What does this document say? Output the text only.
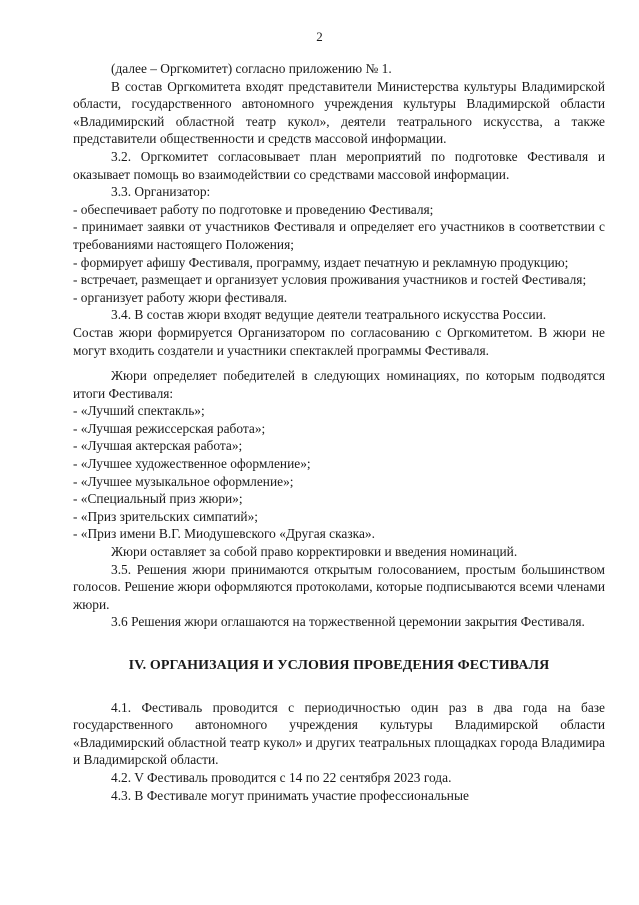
2

(далее – Оргкомитет) согласно приложению № 1.

В состав Оргкомитета входят представители Министерства культуры Владимирской области, государственного автономного учреждения культуры Владимирской области «Владимирский областной театр кукол», деятели театрального искусства, а также представители общественности и средств массовой информации.

3.2. Оргкомитет согласовывает план мероприятий по подготовке Фестиваля и оказывает помощь во взаимодействии со средствами массовой информации.

3.3. Организатор:

- обеспечивает работу по подготовке и проведению Фестиваля;

- принимает заявки от участников Фестиваля и определяет его участников в соответствии с требованиями настоящего Положения;

- формирует афишу Фестиваля, программу, издает печатную и рекламную продукцию;

- встречает, размещает и организует условия проживания участников и гостей Фестиваля;

- организует работу жюри фестиваля.

3.4. В состав жюри входят ведущие деятели театрального искусства России.

Состав жюри формируется Организатором по согласованию с Оргкомитетом. В жюри не могут входить создатели и участники спектаклей программы Фестиваля.

Жюри определяет победителей в следующих номинациях, по которым подводятся итоги Фестиваля:

- «Лучший спектакль»;

- «Лучшая режиссерская работа»;

- «Лучшая актерская работа»;

- «Лучшее художественное оформление»;

- «Лучшее музыкальное оформление»;

- «Специальный приз жюри»;

- «Приз зрительских симпатий»;

- «Приз имени В.Г. Миодушевского «Другая сказка».

Жюри оставляет за собой право корректировки и введения номинаций.

3.5. Решения жюри принимаются открытым голосованием, простым большинством голосов. Решение жюри оформляются протоколами, которые подписываются всеми членами жюри.

3.6 Решения жюри оглашаются на торжественной церемонии закрытия Фестиваля.

IV. ОРГАНИЗАЦИЯ И УСЛОВИЯ ПРОВЕДЕНИЯ ФЕСТИВАЛЯ

4.1. Фестиваль проводится с периодичностью один раз в два года на базе государственного автономного учреждения культуры Владимирской области «Владимирский областной театр кукол» и других театральных площадках города Владимира и Владимирской области.

4.2. V Фестиваль проводится с 14 по 22 сентября 2023 года.

4.3. В Фестивале могут принимать участие профессиональные
